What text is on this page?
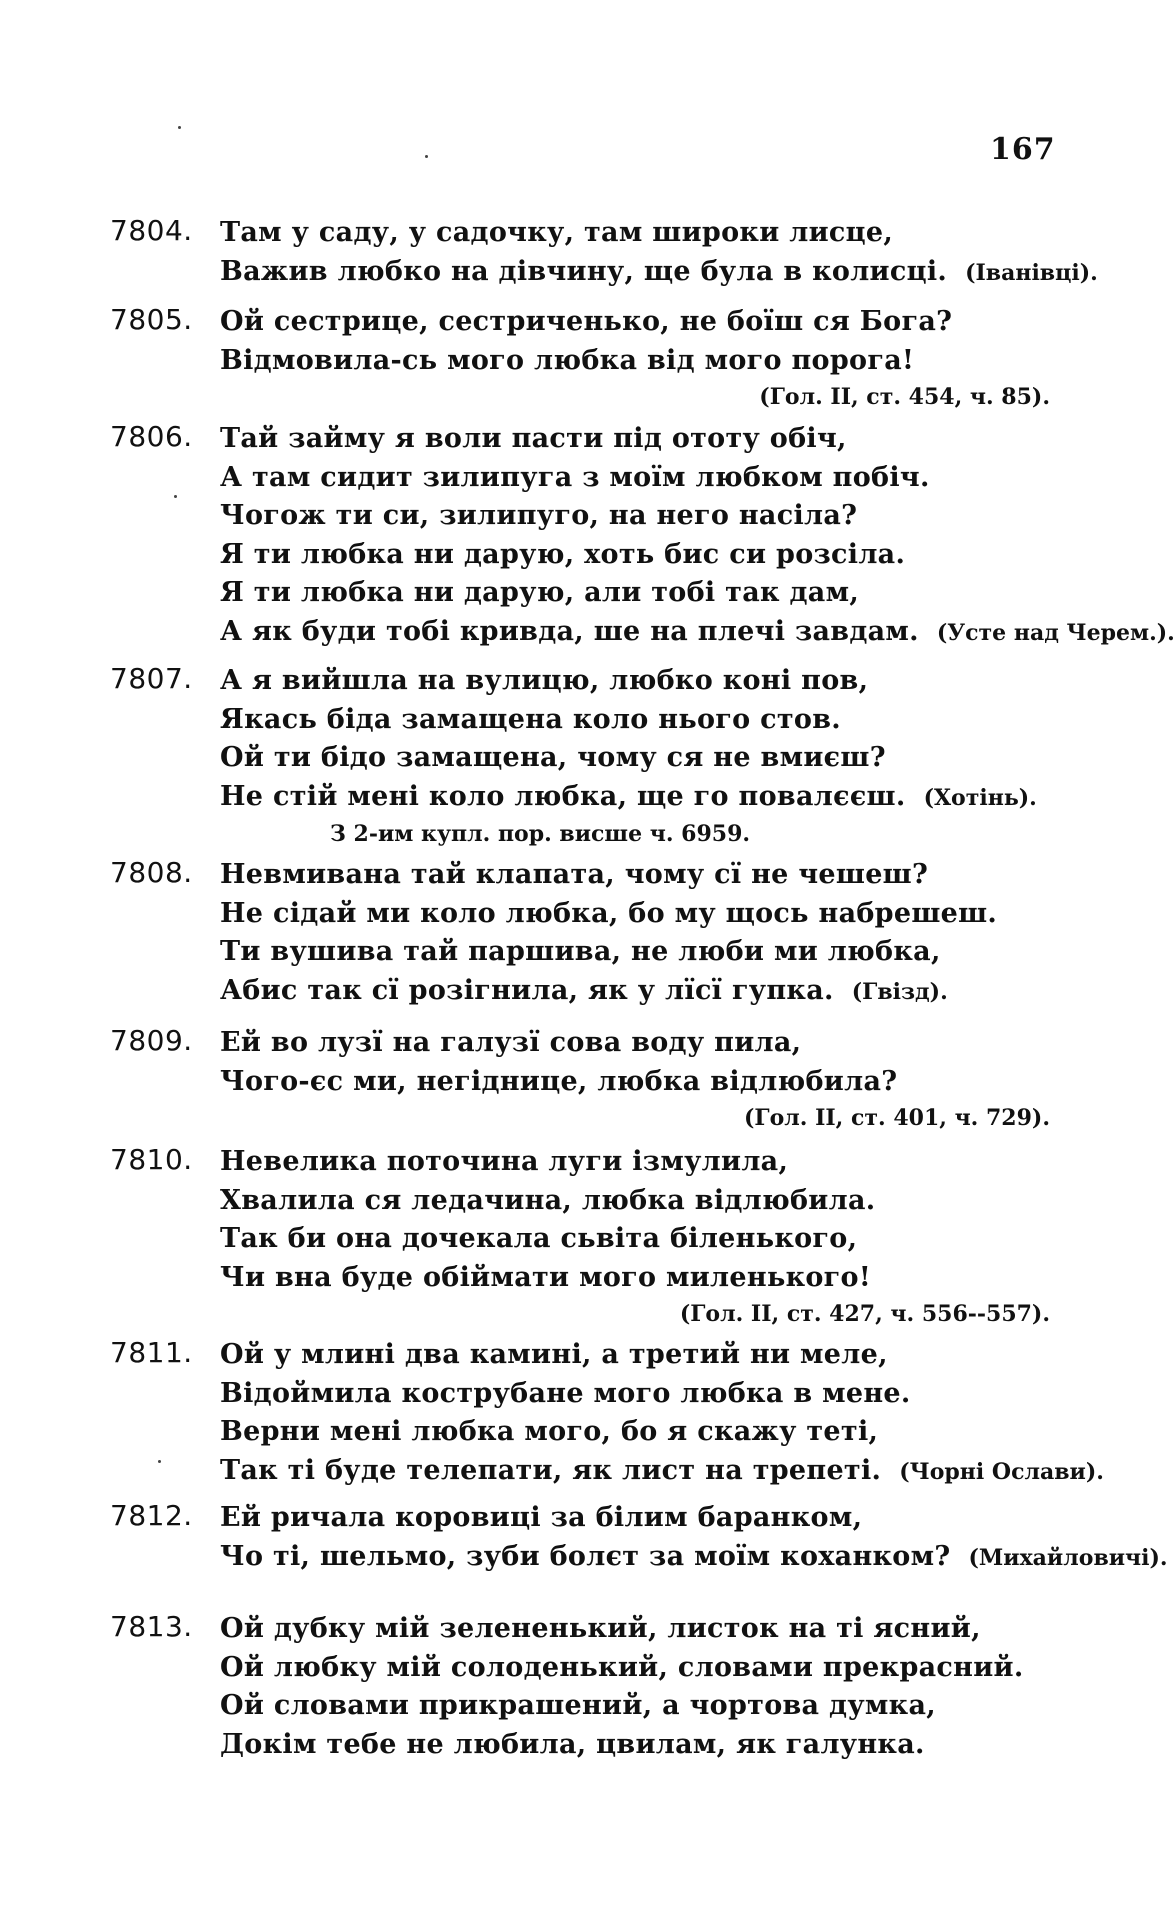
167
7804.	Там у саду, у садочку, там широки лисце,
Важив любко на дівчину, ще була в колисці. (Іванівці).
7805.	Ой сестрице, сестриченько, не боїш ся Бога?
Відмовила-сь мого любка від мого порога!
(Гол. II, ст. 454, ч. 85).
7806.	Тай займу я воли пасти під ототу обіч,
А там сидит зилипуга з моїм любком побіч.
Чогож ти си, зилипуго, на него насіла?
Я ти любка ни дарую, хоть бис си розсіла.
Я ти любка ни дарую, али тобі так дам,
А як буди тобі кривда, ше на плечі завдам. (Усте над Черем.).
7807.	А я вийшла на вулицю, любко коні пов,
Якась біда замащена коло нього стов.
Ой ти бідо замащена, чому ся не вмиєш?
Не стій мені коло любка, ще го повалєєш. (Хотінь).
З 2-им купл. пор. висше ч. 6959.
7808.	Невмивана тай клапата, чому сї не чешеш?
Не сідай ми коло любка, бо му щось набрешеш.
Ти вушива тай паршива, не люби ми любка,
Абис так сї розігнила, як у лїсї гупка. (Гвізд).
7809.	Ей во лузї на галузї сова воду пила,
Чого-єс ми, негіднице, любка відлюбила?
(Гол. II, ст. 401, ч. 729).
7810.	Невелика поточина луги ізмулила,
Хвалила ся ледачина, любка відлюбила.
Так би она дочекала сьвіта біленького,
Чи вна буде обіймати мого миленького!
(Гол. II, ст. 427, ч. 556--557).
7811.	Ой у млині два камині, а третий ни меле,
Відоймила кострубане мого любка в мене.
Верни мені любка мого, бо я скажу теті,
Так ті буде телепати, як лист на трепеті. (Чорні Ослави).
7812.	Ей ричала коровиці за білим баранком,
Чо ті, шельмо, зуби болєт за моїм коханком? (Михайловичі).
7813.	Ой дубку мій зелененький, листок на ті ясний,
Ой любку мій солоденький, словами прекрасний.
Ой словами прикрашений, а чортова думка,
Докім тебе не любила, цвилам, як галунка.
